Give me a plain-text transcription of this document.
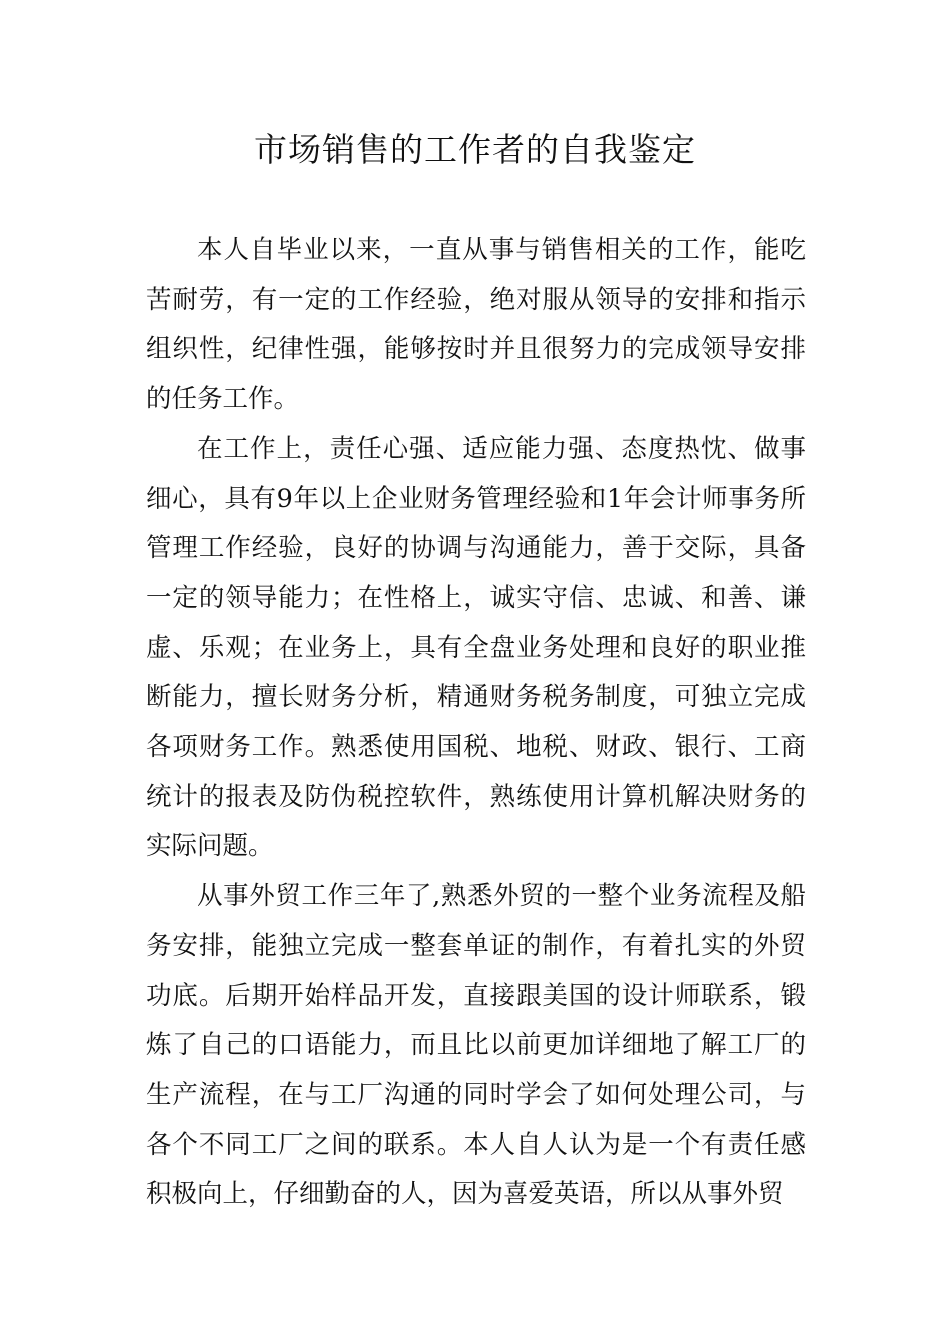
市场销售的工作者的自我鉴定

本人自毕业以来，一直从事与销售相关的工作，能吃苦耐劳，有一定的工作经验，绝对服从领导的安排和指示组织性，纪律性强，能够按时并且很努力的完成领导安排的任务工作。

在工作上，责任心强、适应能力强、态度热忱、做事细心，具有9年以上企业财务管理经验和1年会计师事务所管理工作经验，良好的协调与沟通能力，善于交际，具备一定的领导能力；在性格上，诚实守信、忠诚、和善、谦虚、乐观；在业务上，具有全盘业务处理和良好的职业推断能力，擅长财务分析，精通财务税务制度，可独立完成各项财务工作。熟悉使用国税、地税、财政、银行、工商统计的报表及防伪税控软件，熟练使用计算机解决财务的实际问题。

从事外贸工作三年了,熟悉外贸的一整个业务流程及船务安排，能独立完成一整套单证的制作，有着扎实的外贸功底。后期开始样品开发，直接跟美国的设计师联系，锻炼了自己的口语能力，而且比以前更加详细地了解工厂的生产流程，在与工厂沟通的同时学会了如何处理公司，与各个不同工厂之间的联系。本人自人认为是一个有责任感积极向上，仔细勤奋的人，因为喜爱英语，所以从事外贸
